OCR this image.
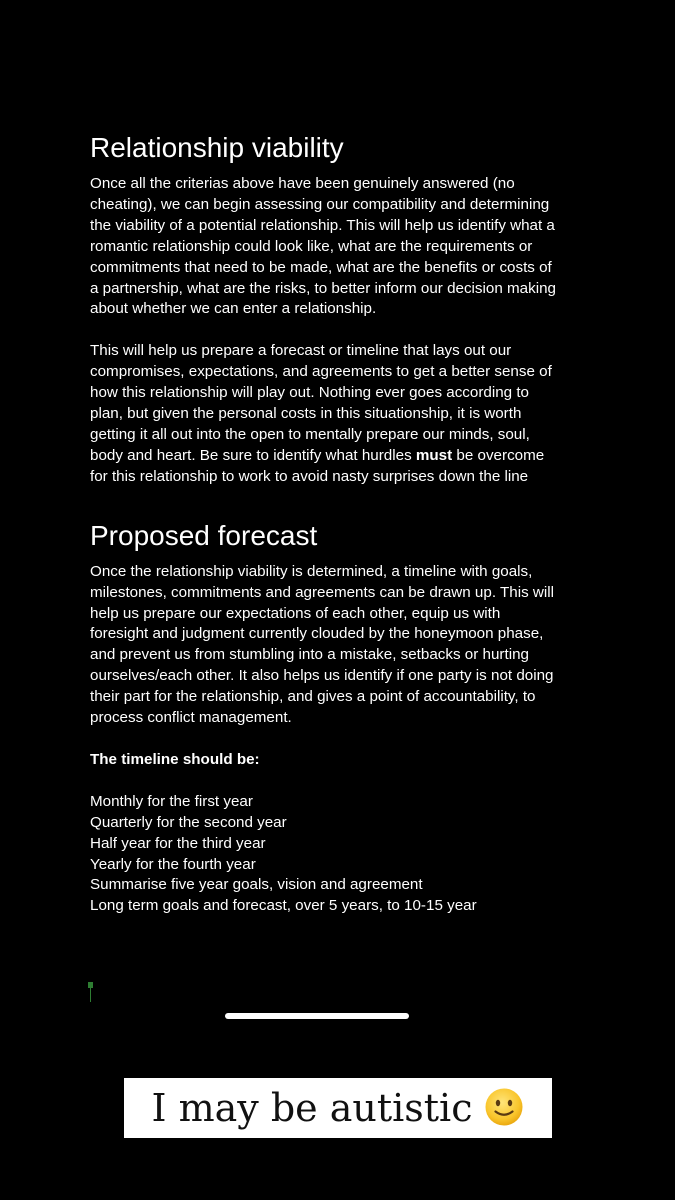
Relationship viability

Once all the criterias above have been genuinely answered (no cheating), we can begin assessing our compatibility and determining the viability of a potential relationship. This will help us identify what a romantic relationship could look like, what are the requirements or commitments that need to be made, what are the benefits or costs of a partnership, what are the risks, to better inform our decision making about whether we can enter a relationship.

This will help us prepare a forecast or timeline that lays out our compromises, expectations, and agreements to get a better sense of how this relationship will play out. Nothing ever goes according to plan, but given the personal costs in this situationship, it is worth getting it all out into the open to mentally prepare our minds, soul, body and heart. Be sure to identify what hurdles must be overcome for this relationship to work to avoid nasty surprises down the line

Proposed forecast

Once the relationship viability is determined, a timeline with goals, milestones, commitments and agreements can be drawn up. This will help us prepare our expectations of each other, equip us with foresight and judgment currently clouded by the honeymoon phase, and prevent us from stumbling into a mistake, setbacks or hurting ourselves/each other. It also helps us identify if one party is not doing their part for the relationship, and gives a point of accountability, to process conflict management.

The timeline should be:

Monthly for the first year
Quarterly for the second year
Half year for the third year
Yearly for the fourth year
Summarise five year goals, vision and agreement
Long term goals and forecast, over 5 years, to 10-15 year
I may be autistic
